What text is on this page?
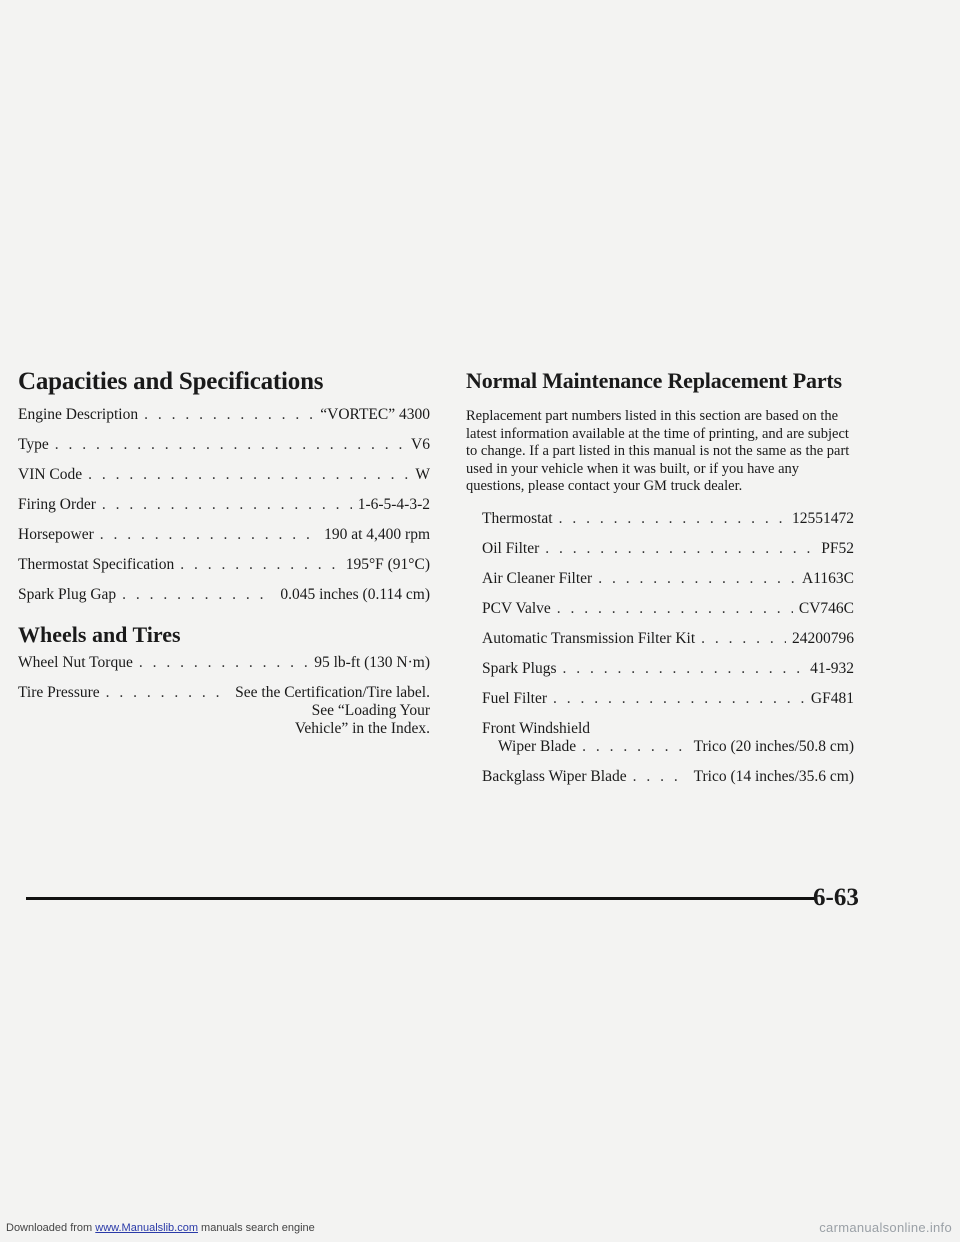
Capacities and Specifications
Engine Description . . .	“VORTEC” 4300
Type . . .	V6
VIN Code . . .	W
Firing Order . . .	1-6-5-4-3-2
Horsepower . . .	190 at 4,400 rpm
Thermostat Specification . . .	195°F (91°C)
Spark Plug Gap . . .	0.045 inches (0.114 cm)
Wheels and Tires
Wheel Nut Torque . . .	95 lb-ft (130 N·m)
Tire Pressure . . .	See the Certification/Tire label.
See “Loading Your
Vehicle” in the Index.
Normal Maintenance Replacement Parts

Replacement part numbers listed in this section are based on the latest information available at the time of printing, and are subject to change. If a part listed in this manual is not the same as the part used in your vehicle when it was built, or if you have any questions, please contact your GM truck dealer.

Thermostat . . .	12551472
Oil Filter . . .	PF52
Air Cleaner Filter . . .	A1163C
PCV Valve . . .	CV746C
Automatic Transmission Filter Kit . . .	24200796
Spark Plugs . . .	41-932
Fuel Filter . . .	GF481
Front Windshield
Wiper Blade . . .	Trico (20 inches/50.8 cm)
Backglass Wiper Blade . . .	Trico (14 inches/35.6 cm)
6-63
Downloaded from www.Manualslib.com manuals search engine	carmanualsonline.info
